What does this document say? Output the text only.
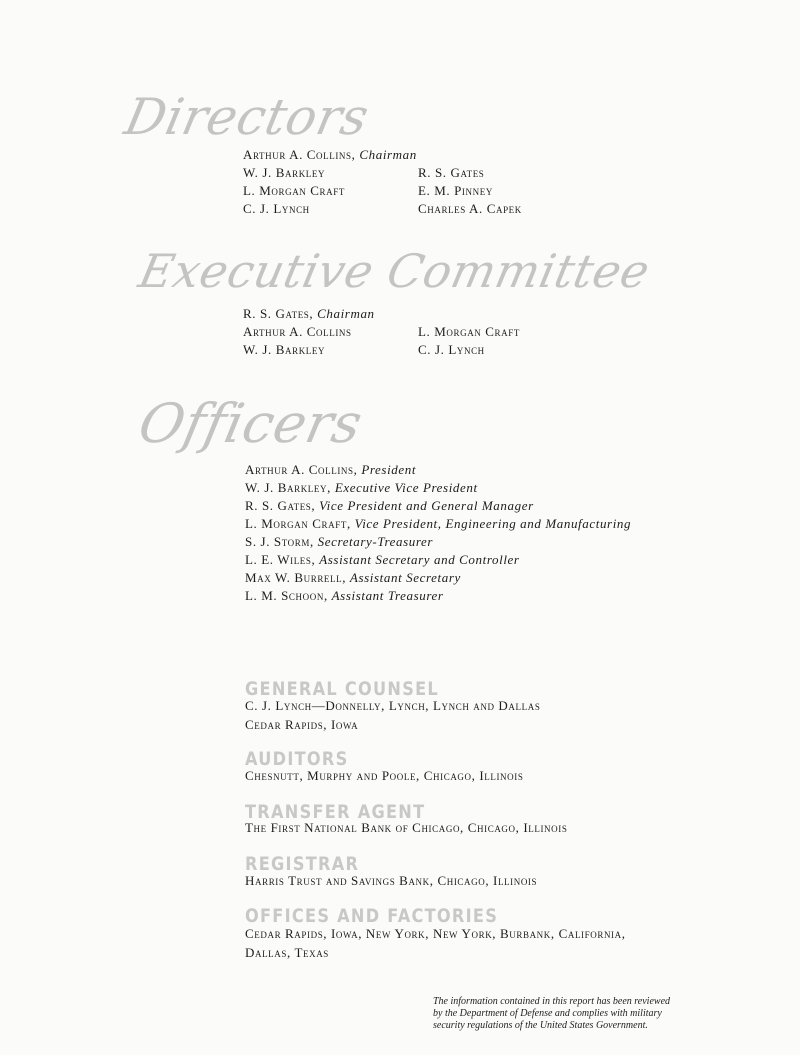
Directors
Arthur A. Collins, Chairman
W. J. Barkley	R. S. Gates
L. Morgan Craft	E. M. Pinney
C. J. Lynch	Charles A. Capek
Executive Committee
R. S. Gates, Chairman
Arthur A. Collins	L. Morgan Craft
W. J. Barkley	C. J. Lynch
Officers
Arthur A. Collins, President
W. J. Barkley, Executive Vice President
R. S. Gates, Vice President and General Manager
L. Morgan Craft, Vice President, Engineering and Manufacturing
S. J. Storm, Secretary-Treasurer
L. E. Wiles, Assistant Secretary and Controller
Max W. Burrell, Assistant Secretary
L. M. Schoon, Assistant Treasurer
GENERAL COUNSEL
C. J. Lynch—Donnelly, Lynch, Lynch and Dallas
Cedar Rapids, Iowa
AUDITORS
Chesnutt, Murphy and Poole, Chicago, Illinois
TRANSFER AGENT
The First National Bank of Chicago, Chicago, Illinois
REGISTRAR
Harris Trust and Savings Bank, Chicago, Illinois
OFFICES AND FACTORIES
Cedar Rapids, Iowa, New York, New York, Burbank, California,
Dallas, Texas
The information contained in this report has been reviewed
by the Department of Defense and complies with military
security regulations of the United States Government.
